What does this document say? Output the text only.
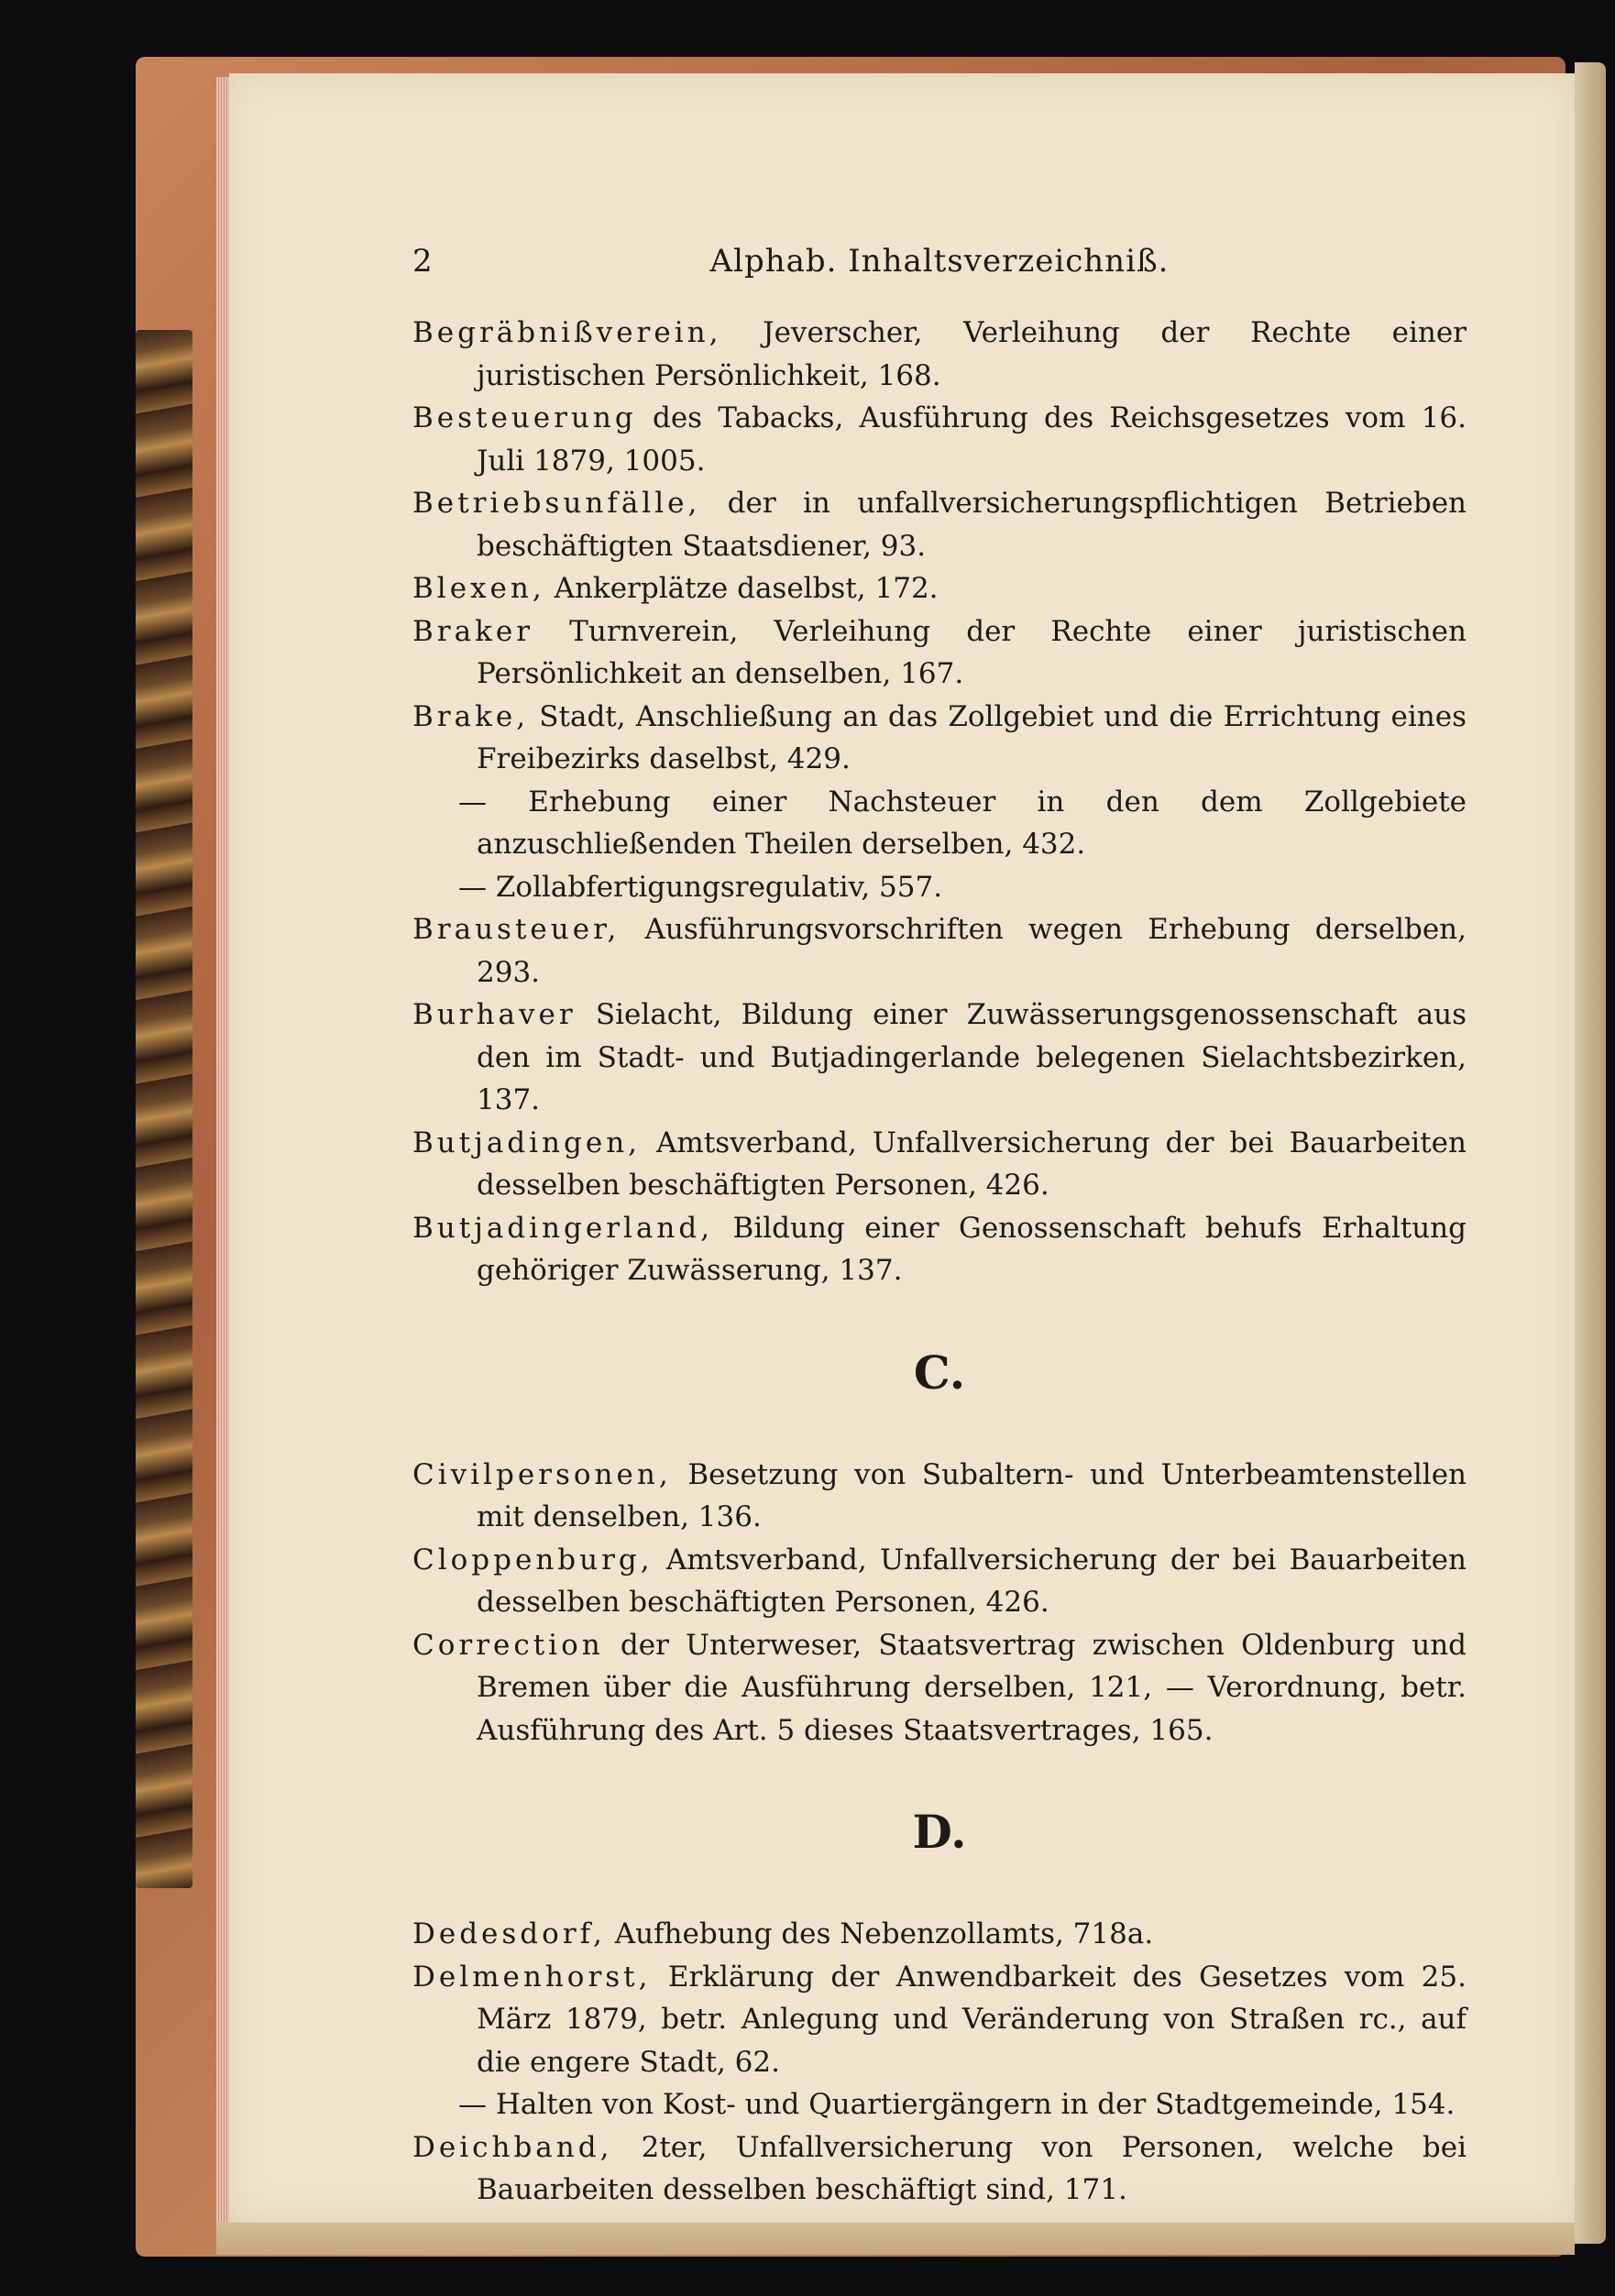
2	Alphab. Inhaltsverzeichniß.

Begräbnißverein, Jeverscher, Verleihung der Rechte einer juristischen Persönlichkeit, 168.

Besteuerung des Tabacks, Ausführung des Reichsgesetzes vom 16. Juli 1879, 1005.

Betriebsunfälle, der in unfallversicherungspflichtigen Betrieben beschäftigten Staatsdiener, 93.

Blexen, Ankerplätze daselbst, 172.

Braker Turnverein, Verleihung der Rechte einer juristischen Persönlichkeit an denselben, 167.

Brake, Stadt, Anschließung an das Zollgebiet und die Errichtung eines Freibezirks daselbst, 429.

— Erhebung einer Nachsteuer in den dem Zollgebiete anzuschließenden Theilen derselben, 432.

— Zollabfertigungsregulativ, 557.

Brausteuer, Ausführungsvorschriften wegen Erhebung derselben, 293.

Burhaver Sielacht, Bildung einer Zuwässerungsgenossenschaft aus den im Stadt- und Butjadingerlande belegenen Sielachtsbezirken, 137.

Butjadingen, Amtsverband, Unfallversicherung der bei Bauarbeiten desselben beschäftigten Personen, 426.

Butjadingerland, Bildung einer Genossenschaft behufs Erhaltung gehöriger Zuwässerung, 137.

C.

Civilpersonen, Besetzung von Subaltern- und Unterbeamtenstellen mit denselben, 136.

Cloppenburg, Amtsverband, Unfallversicherung der bei Bauarbeiten desselben beschäftigten Personen, 426.

Correction der Unterweser, Staatsvertrag zwischen Oldenburg und Bremen über die Ausführung derselben, 121, — Verordnung, betr. Ausführung des Art. 5 dieses Staatsvertrages, 165.

D.

Dedesdorf, Aufhebung des Nebenzollamts, 718a.

Delmenhorst, Erklärung der Anwendbarkeit des Gesetzes vom 25. März 1879, betr. Anlegung und Veränderung von Straßen rc., auf die engere Stadt, 62.

— Halten von Kost- und Quartiergängern in der Stadtgemeinde, 154.

Deichband, 2ter, Unfallversicherung von Personen, welche bei Bauarbeiten desselben beschäftigt sind, 171.
